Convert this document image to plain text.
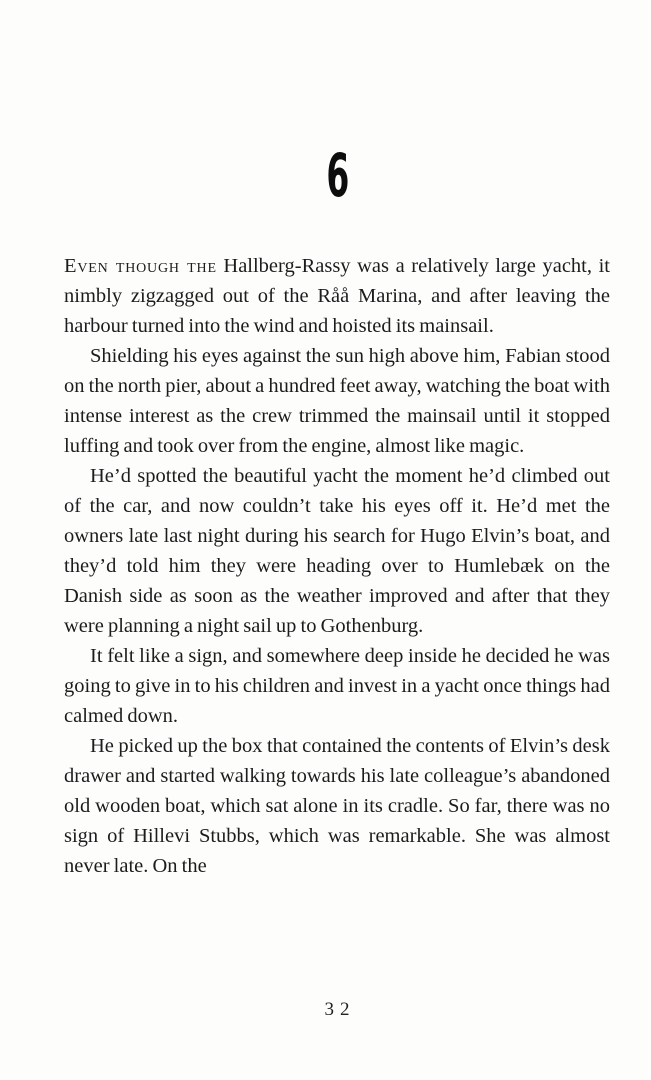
6

Even though the Hallberg-Rassy was a relatively large yacht, it nimbly zigzagged out of the Råå Marina, and after leaving the harbour turned into the wind and hoisted its mainsail.

Shielding his eyes against the sun high above him, Fabian stood on the north pier, about a hundred feet away, watching the boat with intense interest as the crew trimmed the mainsail until it stopped luffing and took over from the engine, almost like magic.

He’d spotted the beautiful yacht the moment he’d climbed out of the car, and now couldn’t take his eyes off it. He’d met the owners late last night during his search for Hugo Elvin’s boat, and they’d told him they were heading over to Humlebæk on the Danish side as soon as the weather improved and after that they were planning a night sail up to Gothenburg.

It felt like a sign, and somewhere deep inside he decided he was going to give in to his children and invest in a yacht once things had calmed down.

He picked up the box that contained the contents of Elvin’s desk drawer and started walking towards his late colleague’s abandoned old wooden boat, which sat alone in its cradle. So far, there was no sign of Hillevi Stubbs, which was remarkable. She was almost never late. On the

32
